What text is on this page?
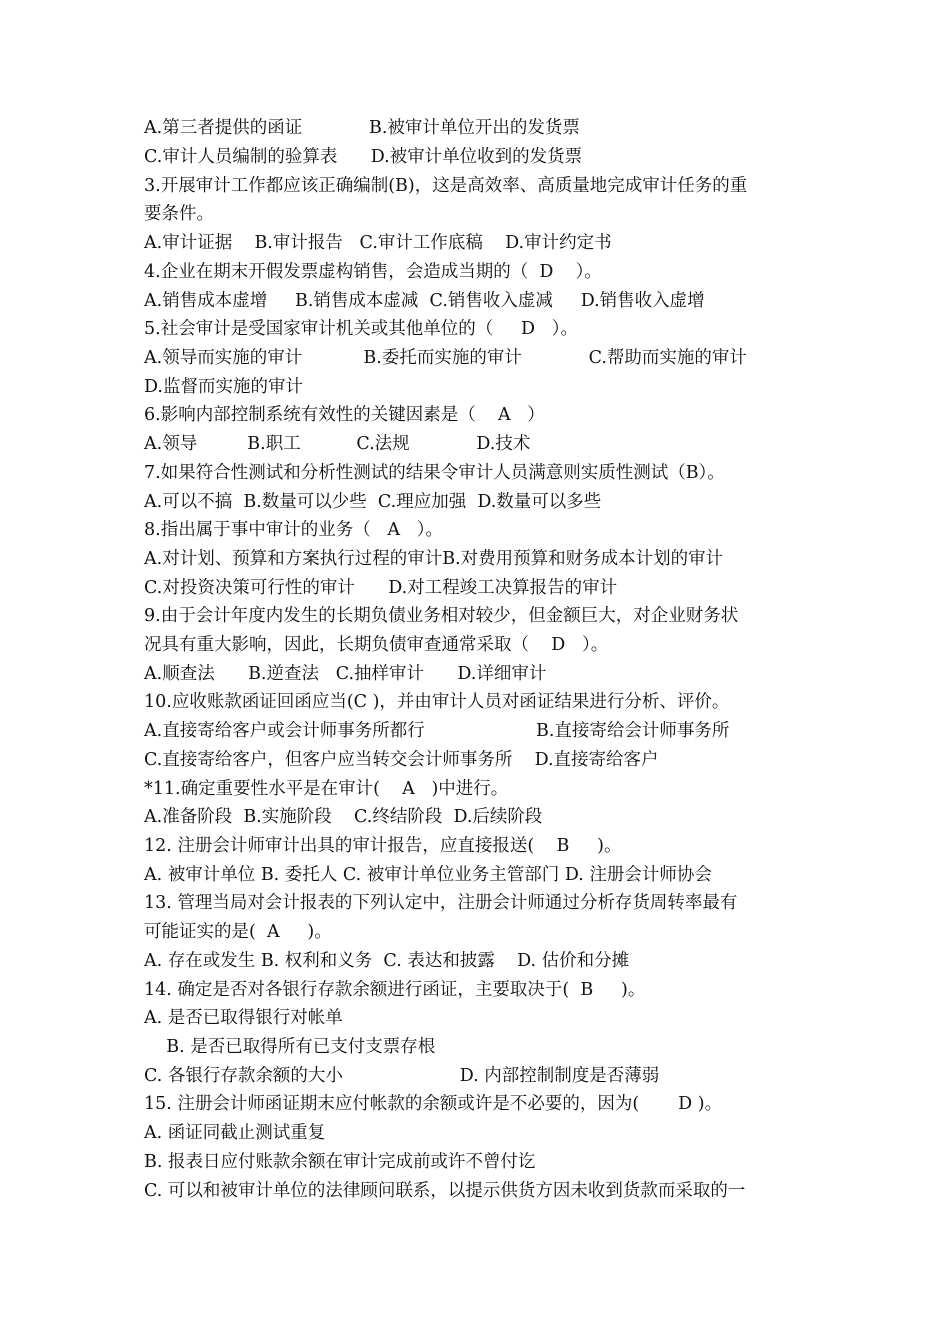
A.第三者提供的函证            B.被审计单位开出的发货票
C.审计人员编制的验算表      D.被审计单位收到的发货票
3.开展审计工作都应该正确编制(B)，这是高效率、高质量地完成审计任务的重
要条件。
A.审计证据    B.审计报告   C.审计工作底稿    D.审计约定书
4.企业在期末开假发票虚构销售，会造成当期的（  D    ）。
A.销售成本虚增     B.销售成本虚减  C.销售收入虚减     D.销售收入虚增
5.社会审计是受国家审计机关或其他单位的（     D   ）。
A.领导而实施的审计           B.委托而实施的审计            C.帮助而实施的审计
D.监督而实施的审计
6.影响内部控制系统有效性的关键因素是（    A   ）
A.领导         B.职工          C.法规            D.技术
7.如果符合性测试和分析性测试的结果令审计人员满意则实质性测试（B）。
A.可以不搞  B.数量可以少些  C.理应加强  D.数量可以多些
8.指出属于事中审计的业务（   A   ）。
A.对计划、预算和方案执行过程的审计B.对费用预算和财务成本计划的审计
C.对投资决策可行性的审计      D.对工程竣工决算报告的审计
9.由于会计年度内发生的长期负债业务相对较少，但金额巨大，对企业财务状
况具有重大影响，因此，长期负债审查通常采取（    D   ）。
A.顺查法      B.逆查法   C.抽样审计      D.详细审计
10.应收账款函证回函应当(C )，并由审计人员对函证结果进行分析、评价。
A.直接寄给客户或会计师事务所都行                    B.直接寄给会计师事务所
C.直接寄给客户，但客户应当转交会计师事务所    D.直接寄给客户
*11.确定重要性水平是在审计(    A   )中进行。
A.准备阶段  B.实施阶段    C.终结阶段  D.后续阶段
12. 注册会计师审计出具的审计报告，应直接报送(    B     )。
A. 被审计单位 B. 委托人 C. 被审计单位业务主管部门 D. 注册会计师协会
13. 管理当局对会计报表的下列认定中，注册会计师通过分析存货周转率最有
可能证实的是(  A     )。
A. 存在或发生 B. 权利和义务  C. 表达和披露    D. 估价和分摊
14. 确定是否对各银行存款余额进行函证，主要取决于(  B     )。
A. 是否已取得银行对帐单
B. 是否已取得所有已支付支票存根
C. 各银行存款余额的大小                     D. 内部控制制度是否薄弱
15. 注册会计师函证期末应付帐款的余额或许是不必要的，因为(       D )。
A. 函证同截止测试重复
B. 报表日应付账款余额在审计完成前或许不曾付讫
C. 可以和被审计单位的法律顾问联系，以提示供货方因未收到货款而采取的一
